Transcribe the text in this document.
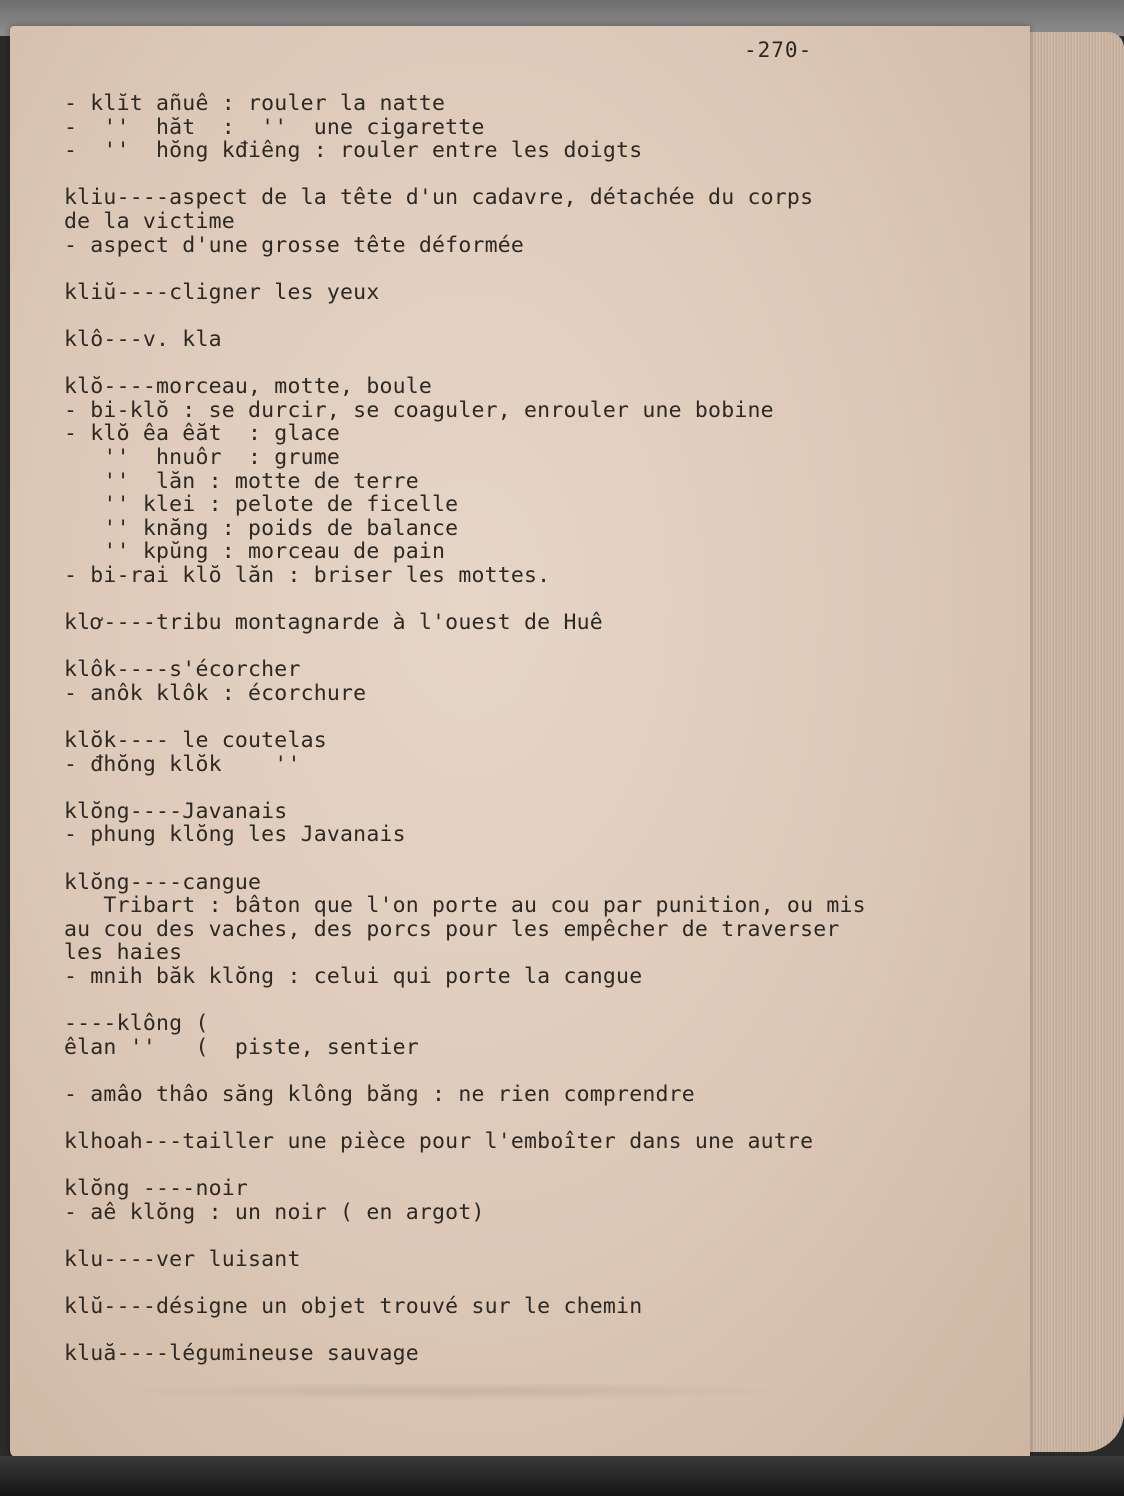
-270-
- klĭt añuê : rouler la natte
-  ''  hăt  :  ''  une cigarette
-  ''  hŏng kđiêng : rouler entre les doigts

kliu----aspect de la tête d'un cadavre, détachée du corps
de la victime
- aspect d'une grosse tête déformée

kliŭ----cligner les yeux

klô---v. kla

klŏ----morceau, motte, boule
- bi-klŏ : se durcir, se coaguler, enrouler une bobine
- klŏ êa êăt  : glace
''  hnuôr  : grume
''  lăn : motte de terre
'' klei : pelote de ficelle
'' knăng : poids de balance
'' kpŭng : morceau de pain
- bi-rai klŏ lăn : briser les mottes.

klơ----tribu montagnarde à l'ouest de Huê

klôk----s'écorcher
- anôk klôk : écorchure

klŏk---- le coutelas
- đhŏng klŏk    ''

klŏng----Javanais
- phung klŏng les Javanais

klŏng----cangue
Tribart : bâton que l'on porte au cou par punition, ou mis
au cou des vaches, des porcs pour les empêcher de traverser
les haies
- mnih băk klŏng : celui qui porte la cangue

----klông (
êlan ''   (  piste, sentier

- amâo thâo săng klông băng : ne rien comprendre

klhoah---tailler une pièce pour l'emboîter dans une autre

klŏng ----noir
- aê klŏng : un noir ( en argot)

klu----ver luisant

klŭ----désigne un objet trouvé sur le chemin

kluă----légumineuse sauvage
